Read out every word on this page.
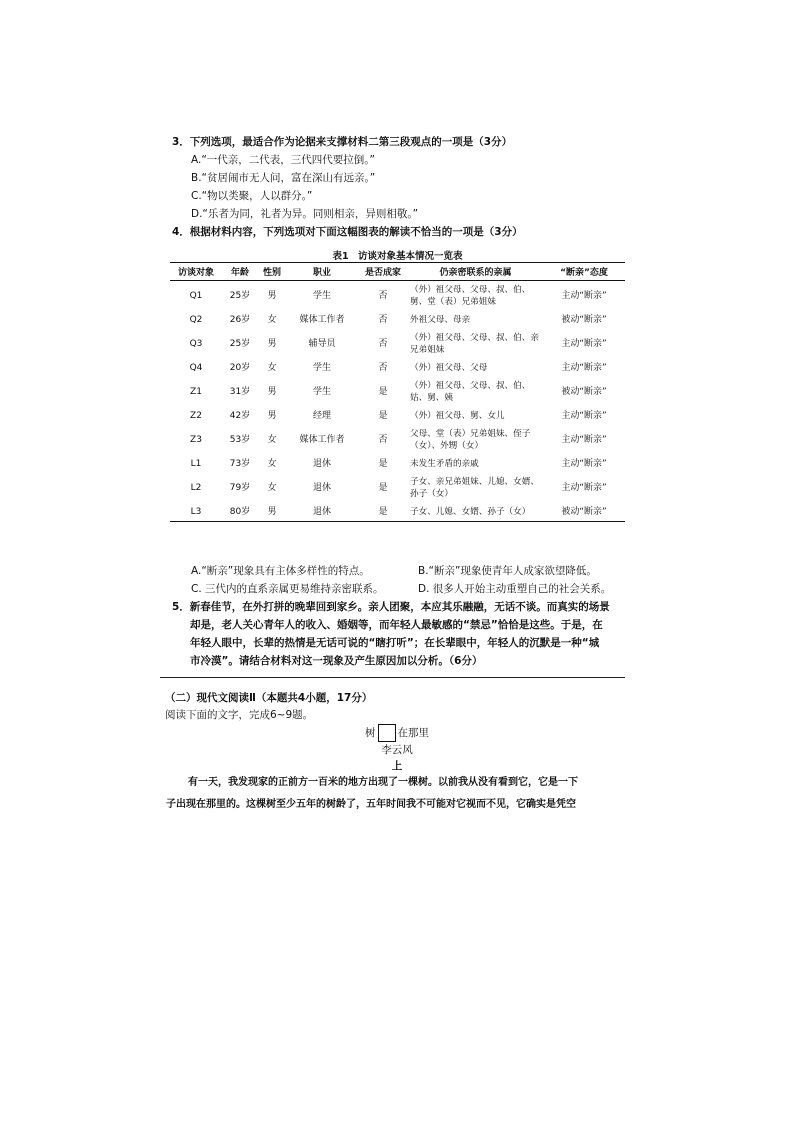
3．下列选项，最适合作为论据来支撑材料二第三段观点的一项是（3分）
A.“一代亲，二代表，三代四代要拉倒。”
B.“贫居闹市无人问，富在深山有远亲。”
C.“物以类聚，人以群分。”
D.“乐者为同，礼者为异。同则相亲，异则相敬。”
4．根据材料内容，下列选项对下面这幅图表的解读不恰当的一项是（3分）
表1　访谈对象基本情况一览表
访谈对象	年龄	性别	职业	是否成家	仍亲密联系的亲属	“断亲”态度
Q1	25岁	男	学生	否	（外）祖父母、父母、叔、伯、舅、堂（表）兄弟姐妹	主动“断亲”
Q2	26岁	女	媒体工作者	否	外祖父母、母亲	被动“断亲”
Q3	25岁	男	辅导员	否	（外）祖父母、父母、叔、伯、亲兄弟姐妹	主动“断亲”
Q4	20岁	女	学生	否	（外）祖父母、父母	主动“断亲”
Z1	31岁	男	学生	是	（外）祖父母、父母、叔、伯、姑、舅、姨	被动“断亲”
Z2	42岁	男	经理	是	（外）祖父母、舅、女儿	主动“断亲”
Z3	53岁	女	媒体工作者	否	父母、堂（表）兄弟姐妹、侄子（女）、外甥（女）	主动“断亲”
L1	73岁	女	退休	是	未发生矛盾的亲戚	主动“断亲”
L2	79岁	女	退休	是	子女、亲兄弟姐妹、儿媳、女婿、孙子（女）	主动“断亲”
L3	80岁	男	退休	是	子女、儿媳、女婿、孙子（女）	被动“断亲”
A.“断亲”现象具有主体多样性的特点。	B.“断亲”现象使青年人成家欲望降低。
C. 三代内的直系亲属更易维持亲密联系。	D. 很多人开始主动重塑自己的社会关系。
5．新春佳节，在外打拼的晚辈回到家乡。亲人团聚，本应其乐融融，无话不谈。而真实的场景
却是，老人关心青年人的收入、婚姻等，而年轻人最敏感的“禁忌”恰恰是这些。于是，在
年轻人眼中，长辈的热情是无话可说的“瞎打听”；在长辈眼中，年轻人的沉默是一种“城
市冷漠”。请结合材料对这一现象及产生原因加以分析。（6分）
（二）现代文阅读Ⅱ（本题共4小题，17分）
阅读下面的文字，完成6~9题。
树 在那里
李云风
上
有一天，我发现家的正前方一百米的地方出现了一棵树。以前我从没有看到它，它是一下
子出现在那里的。这棵树至少五年的树龄了，五年时间我不可能对它视而不见，它确实是凭空
